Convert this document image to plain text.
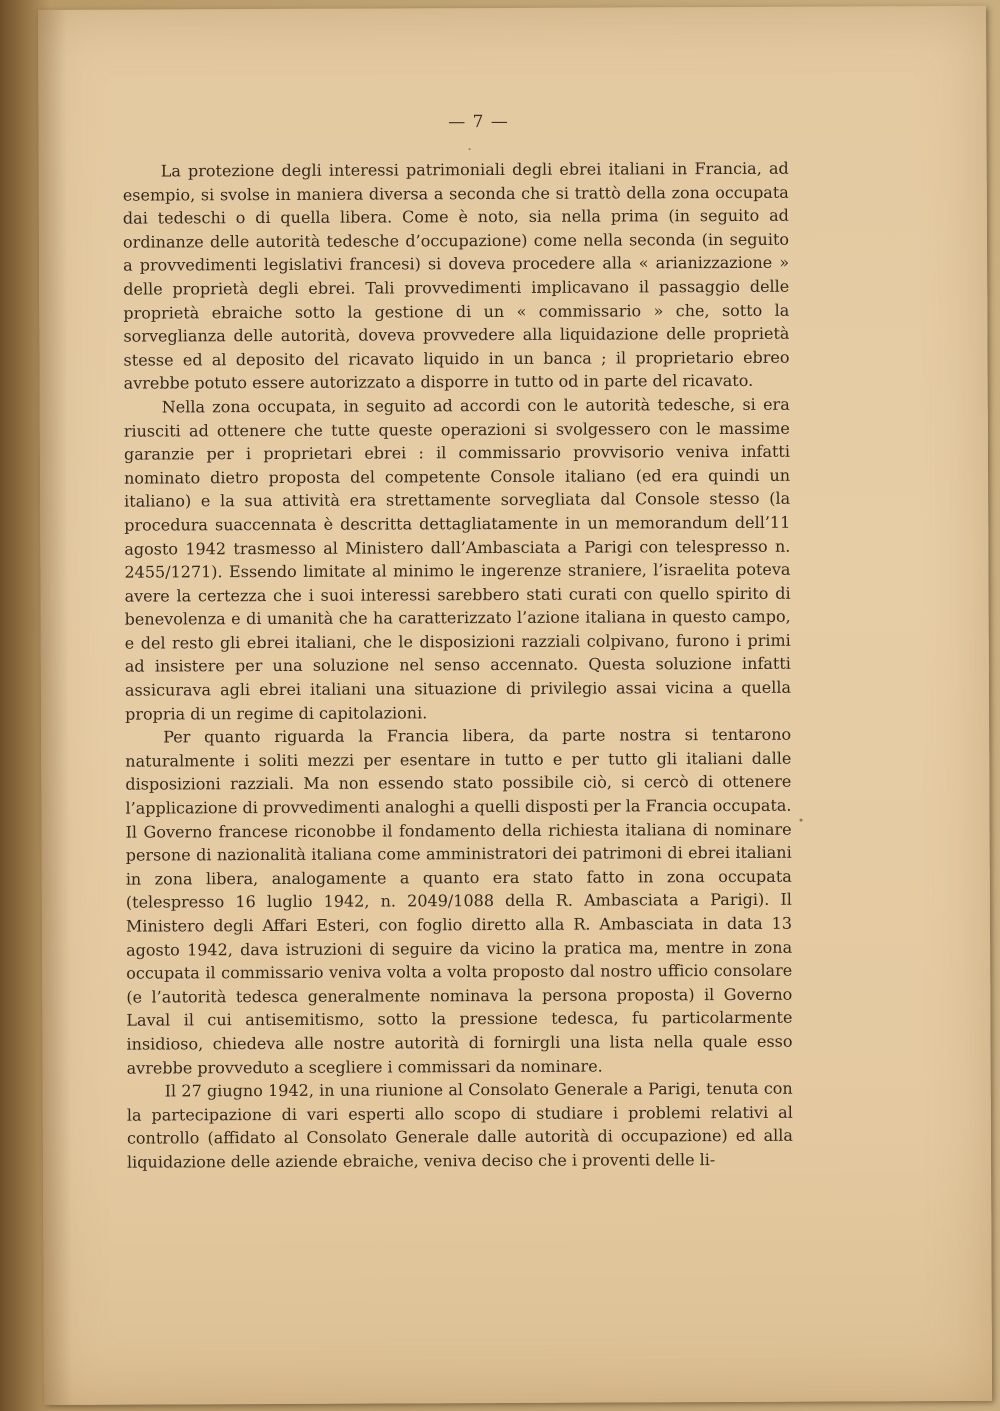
— 7 —

La protezione degli interessi patrimoniali degli ebrei italiani in Francia, ad esempio, si svolse in maniera diversa a seconda che si trattò della zona occupata dai tedeschi o di quella libera. Come è noto, sia nella prima (in seguito ad ordinanze delle autorità tedesche d’occupazione) come nella seconda (in seguito a provvedimenti legislativi francesi) si doveva procedere alla « arianizzazione » delle proprietà degli ebrei. Tali provvedimenti implicavano il passaggio delle proprietà ebraiche sotto la gestione di un « commissario » che, sotto la sorveglianza delle autorità, doveva provvedere alla liquidazione delle proprietà stesse ed al deposito del ricavato liquido in un banca ; il proprietario ebreo avrebbe potuto essere autorizzato a disporre in tutto od in parte del ricavato.

Nella zona occupata, in seguito ad accordi con le autorità tedesche, si era riusciti ad ottenere che tutte queste operazioni si svolgessero con le massime garanzie per i proprietari ebrei : il commissario provvisorio veniva infatti nominato dietro proposta del competente Console italiano (ed era quindi un italiano) e la sua attività era strettamente sorvegliata dal Console stesso (la procedura suaccennata è descritta dettagliatamente in un memorandum dell’11 agosto 1942 trasmesso al Ministero dall’Ambasciata a Parigi con telespresso n. 2455/1271). Essendo limitate al minimo le ingerenze straniere, l’israelita poteva avere la certezza che i suoi interessi sarebbero stati curati con quello spirito di benevolenza e di umanità che ha caratterizzato l’azione italiana in questo campo, e del resto gli ebrei italiani, che le disposizioni razziali colpivano, furono i primi ad insistere per una soluzione nel senso accennato. Questa soluzione infatti assicurava agli ebrei italiani una situazione di privilegio assai vicina a quella propria di un regime di capitolazioni.

Per quanto riguarda la Francia libera, da parte nostra si tentarono naturalmente i soliti mezzi per esentare in tutto e per tutto gli italiani dalle disposizioni razziali. Ma non essendo stato possibile ciò, si cercò di ottenere l’applicazione di provvedimenti analoghi a quelli disposti per la Francia occupata. Il Governo francese riconobbe il fondamento della richiesta italiana di nominare persone di nazionalità italiana come amministratori dei patrimoni di ebrei italiani in zona libera, analogamente a quanto era stato fatto in zona occupata (telespresso 16 luglio 1942, n. 2049/1088 della R. Ambasciata a Parigi). Il Ministero degli Affari Esteri, con foglio diretto alla R. Ambasciata in data 13 agosto 1942, dava istruzioni di seguire da vicino la pratica ma, mentre in zona occupata il commissario veniva volta a volta proposto dal nostro ufficio consolare (e l’autorità tedesca generalmente nominava la persona proposta) il Governo Laval il cui antisemitismo, sotto la pressione tedesca, fu particolarmente insidioso, chiedeva alle nostre autorità di fornirgli una lista nella quale esso avrebbe provveduto a scegliere i commissari da nominare.

Il 27 giugno 1942, in una riunione al Consolato Generale a Parigi, tenuta con la partecipazione di vari esperti allo scopo di studiare i problemi relativi al controllo (affidato al Consolato Generale dalle autorità di occupazione) ed alla liquidazione delle aziende ebraiche, veniva deciso che i proventi delle li-
